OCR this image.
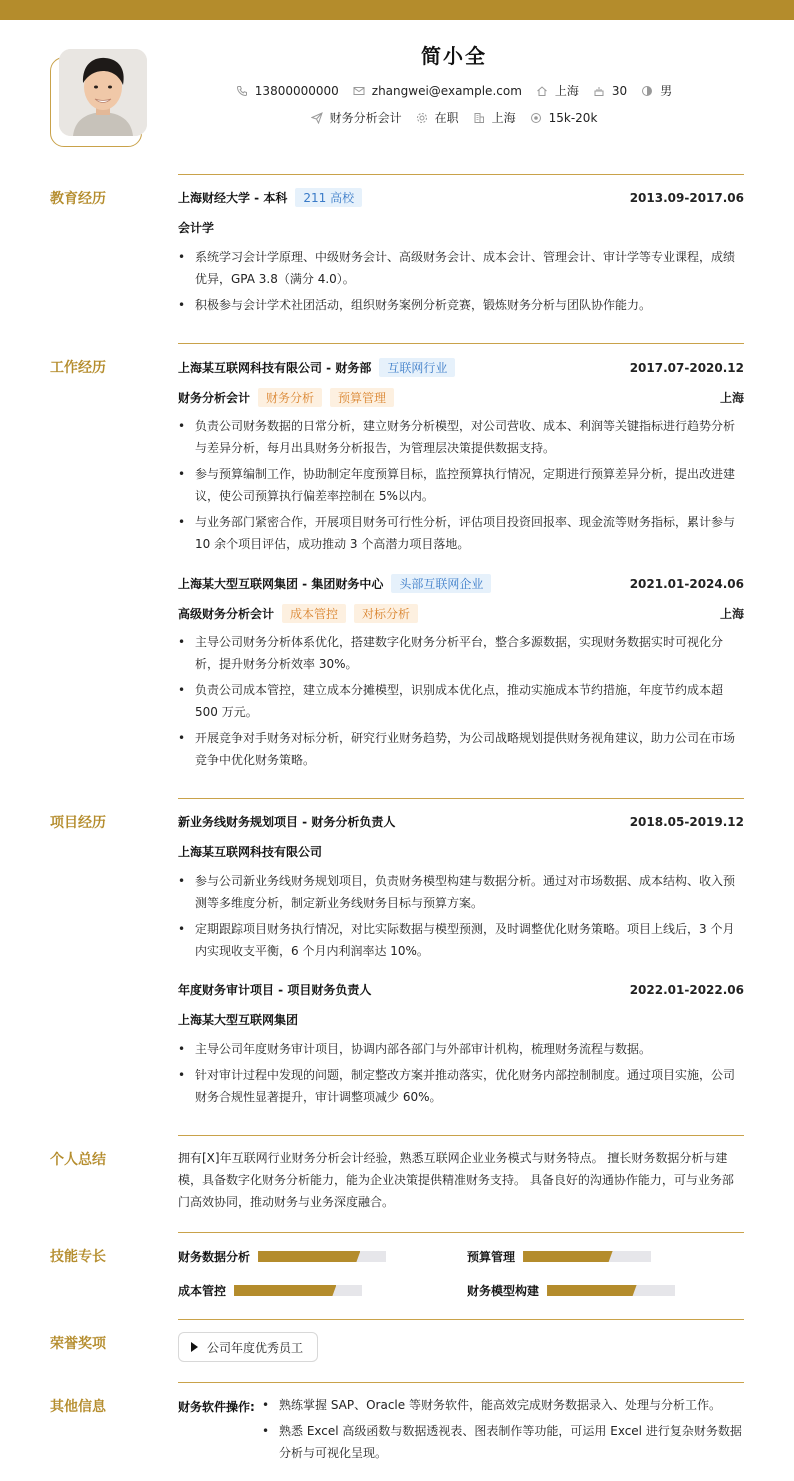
简小全
13800000000	zhangwei@example.com	上海	30	男
财务分析会计	在职	上海	15k-20k
教育经历	上海财经大学 - 本科	211 高校	2013.09-2017.06
会计学
• 系统学习会计学原理、中级财务会计、高级财务会计、成本会计、管理会计、审计学等专业课程，成绩优异，GPA 3.8（满分 4.0）。
• 积极参与会计学术社团活动，组织财务案例分析竞赛，锻炼财务分析与团队协作能力。
工作经历	上海某互联网科技有限公司 - 财务部	互联网行业	2017.07-2020.12
财务分析会计	财务分析	预算管理	上海
• 负责公司财务数据的日常分析，建立财务分析模型，对公司营收、成本、利润等关键指标进行趋势分析与差异分析，每月出具财务分析报告，为管理层决策提供数据支持。
• 参与预算编制工作，协助制定年度预算目标，监控预算执行情况，定期进行预算差异分析，提出改进建议，使公司预算执行偏差率控制在 5%以内。
• 与业务部门紧密合作，开展项目财务可行性分析，评估项目投资回报率、现金流等财务指标，累计参与 10 余个项目评估，成功推动 3 个高潜力项目落地。
上海某大型互联网集团 - 集团财务中心	头部互联网企业	2021.01-2024.06
高级财务分析会计	成本管控	对标分析	上海
• 主导公司财务分析体系优化，搭建数字化财务分析平台，整合多源数据，实现财务数据实时可视化分析，提升财务分析效率 30%。
• 负责公司成本管控，建立成本分摊模型，识别成本优化点，推动实施成本节约措施，年度节约成本超 500 万元。
• 开展竞争对手财务对标分析，研究行业财务趋势，为公司战略规划提供财务视角建议，助力公司在市场竞争中优化财务策略。
项目经历	新业务线财务规划项目 - 财务分析负责人	2018.05-2019.12
上海某互联网科技有限公司
• 参与公司新业务线财务规划项目，负责财务模型构建与数据分析。通过对市场数据、成本结构、收入预测等多维度分析，制定新业务线财务目标与预算方案。
• 定期跟踪项目财务执行情况，对比实际数据与模型预测，及时调整优化财务策略。项目上线后，3 个月内实现收支平衡，6 个月内利润率达 10%。
年度财务审计项目 - 项目财务负责人	2022.01-2022.06
上海某大型互联网集团
• 主导公司年度财务审计项目，协调内部各部门与外部审计机构，梳理财务流程与数据。
• 针对审计过程中发现的问题，制定整改方案并推动落实，优化财务内部控制制度。通过项目实施，公司财务合规性显著提升，审计调整项减少 60%。
个人总结	拥有[X]年互联网行业财务分析会计经验，熟悉互联网企业业务模式与财务特点。 擅长财务数据分析与建模，具备数字化财务分析能力，能为企业决策提供精准财务支持。 具备良好的沟通协作能力，可与业务部门高效协同，推动财务与业务深度融合。
技能专长	财务数据分析	预算管理
成本管控	财务模型构建
荣誉奖项	公司年度优秀员工
其他信息	财务软件操作:
•	熟练掌握 SAP、Oracle 等财务软件，能高效完成财务数据录入、处理与分析工作。
• 熟悉 Excel 高级函数与数据透视表、图表制作等功能，可运用 Excel 进行复杂财务数据分析与可视化呈现。
